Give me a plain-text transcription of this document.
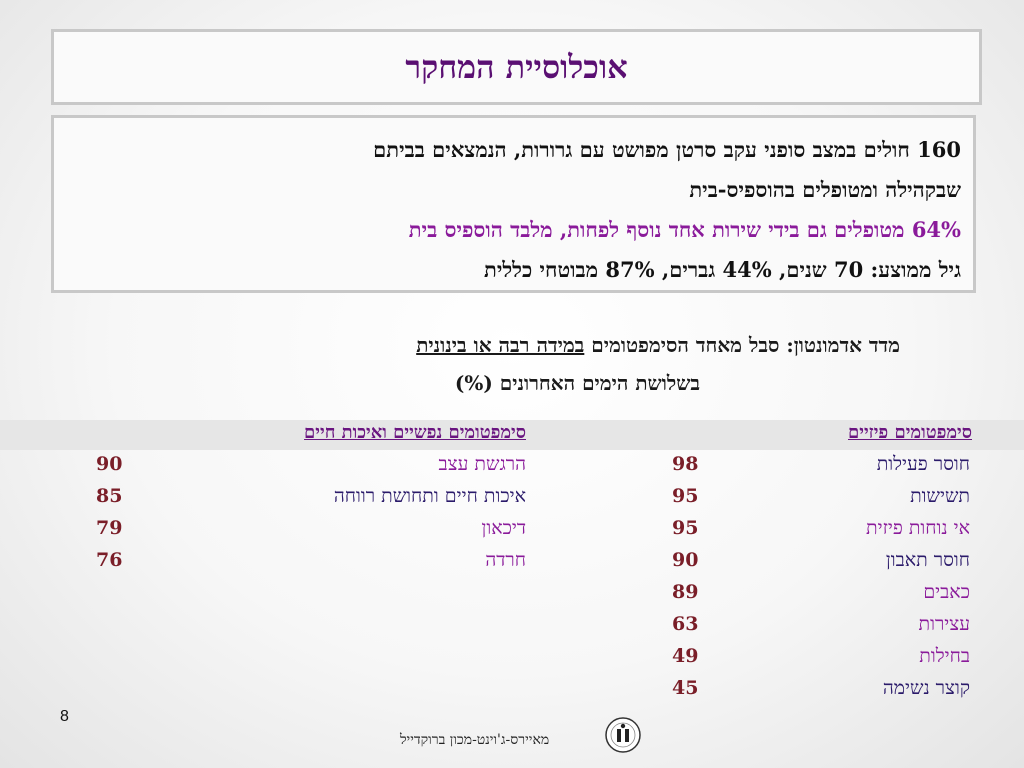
אוכלוסיית המחקר
160 חולים במצב סופני עקב סרטן מפושט עם גרורות, הנמצאים בביתם
שבקהילה ומטופלים בהוספיס-בית
64% מטופלים גם בידי שירות אחד נוסף לפחות, מלבד הוספיס בית
גיל ממוצע: 70 שנים, 44% גברים, 87% מבוטחי כללית
מדד אדמונטון: סבל מאחד הסימפטומים במידה רבה או בינונית
בשלושת הימים האחרונים (%)
סימפטומים פיזיים
סימפטומים נפשיים ואיכות חיים
חוסר פעילות
98
תשישות
95
אי נוחות פיזית
95
חוסר תאבון
90
כאבים
89
עצירות
63
בחילות
49
קוצר נשימה
45
הרגשת עצב
90
איכות חיים ותחושת רווחה
85
דיכאון
79
חרדה
76
8
מאיירס-ג'וינט-מכון ברוקדייל
